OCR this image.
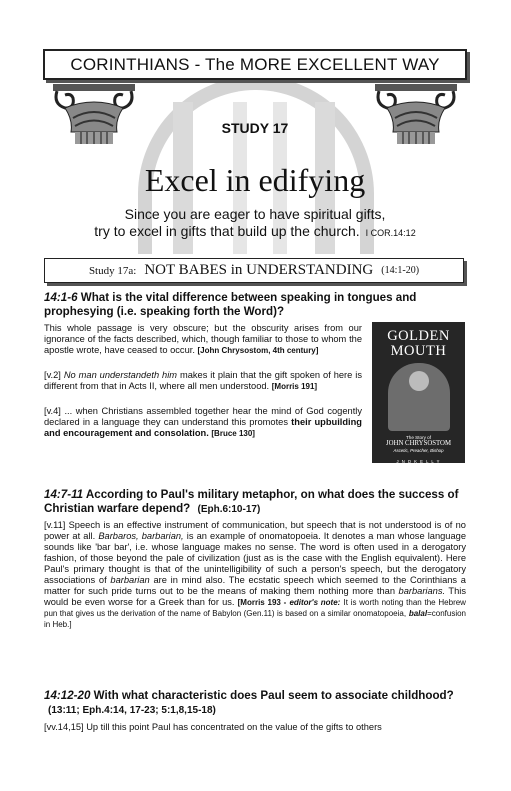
CORINTHIANS - The MORE EXCELLENT WAY
STUDY 17
Excel in edifying
Since you are eager to have spiritual gifts,
try to excel in gifts that build up the church. I COR.14:12
Study 17a: NOT BABES in UNDERSTANDING (14:1-20)
14:1-6 What is the vital difference between speaking in tongues and prophesying (i.e. speaking forth the Word)?
This whole passage is very obscure; but the obscurity arises from our ignorance of the facts described, which, though familiar to those to whom the apostle wrote, have ceased to occur. [John Chrysostom, 4th century]
[v.2] No man understandeth him makes it plain that the gift spoken of here is different from that in Acts II, where all men understood. [Morris 191]
[v.4] ... when Christians assembled together hear the mind of God cogently declared in a language they can understand this promotes their upbuilding and encouragement and consolation. [Bruce 130]
GOLDEN
MOUTH
The Story of
JOHN CHRYSOSTOM
Ascetic, Preacher, Bishop
J N D K E L L Y
14:7-11 According to Paul's military metaphor, on what does the success of Christian warfare depend? (Eph.6:10-17)
[v.11] Speech is an effective instrument of communication, but speech that is not understood is of no power at all. Barbaros, barbarian, is an example of onomatopoeia. It denotes a man whose language sounds like 'bar bar', i.e. whose language makes no sense. The word is often used in a derogatory fashion, of those beyond the pale of civilization (just as is the case with the English equivalent). Here Paul's primary thought is that of the unintelligibility of such a person's speech, but the derogatory associations of barbarian are in mind also. The ecstatic speech which seemed to the Corinthians a matter for such pride turns out to be the means of making them nothing more than barbarians. This would be even worse for a Greek than for us. [Morris 193 - editor's note: It is worth noting than the Hebrew pun that gives us the derivation of the name of Babylon (Gen.11) is based on a similar onomatopoeia, balal=confusion in Heb.]
14:12-20 With what characteristic does Paul seem to associate childhood? (13:11; Eph.4:14, 17-23; 5:1,8,15-18)
[vv.14,15] Up till this point Paul has concentrated on the value of the gifts to others
